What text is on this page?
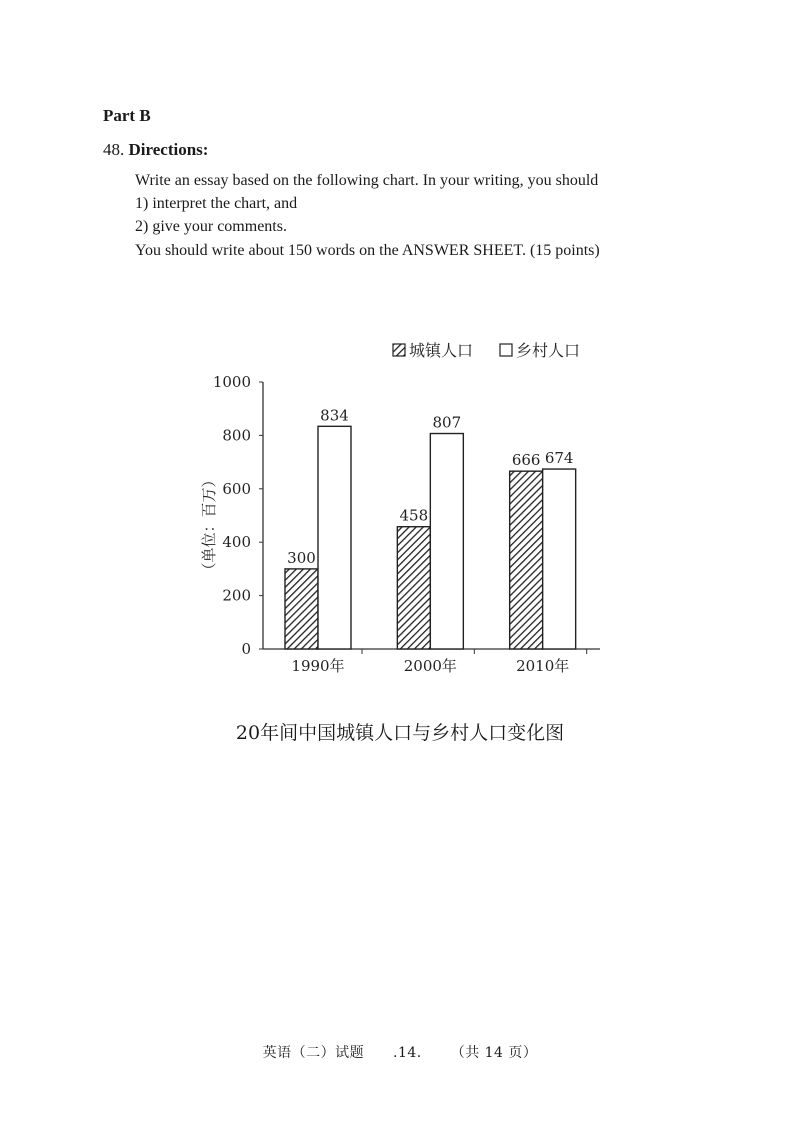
Part B
48. Directions:
Write an essay based on the following chart. In your writing, you should
1) interpret the chart, and
2) give your comments.
You should write about 150 words on the ANSWER SHEET. (15 points)
0
200
400
600
800
1000
（单位：百万）	300
834
1990年
458
807
2000年
666 674
2010年
城镇人口	乡村人口
20年间中国城镇人口与乡村人口变化图
英语（二）试题 .14. （共 14 页）
